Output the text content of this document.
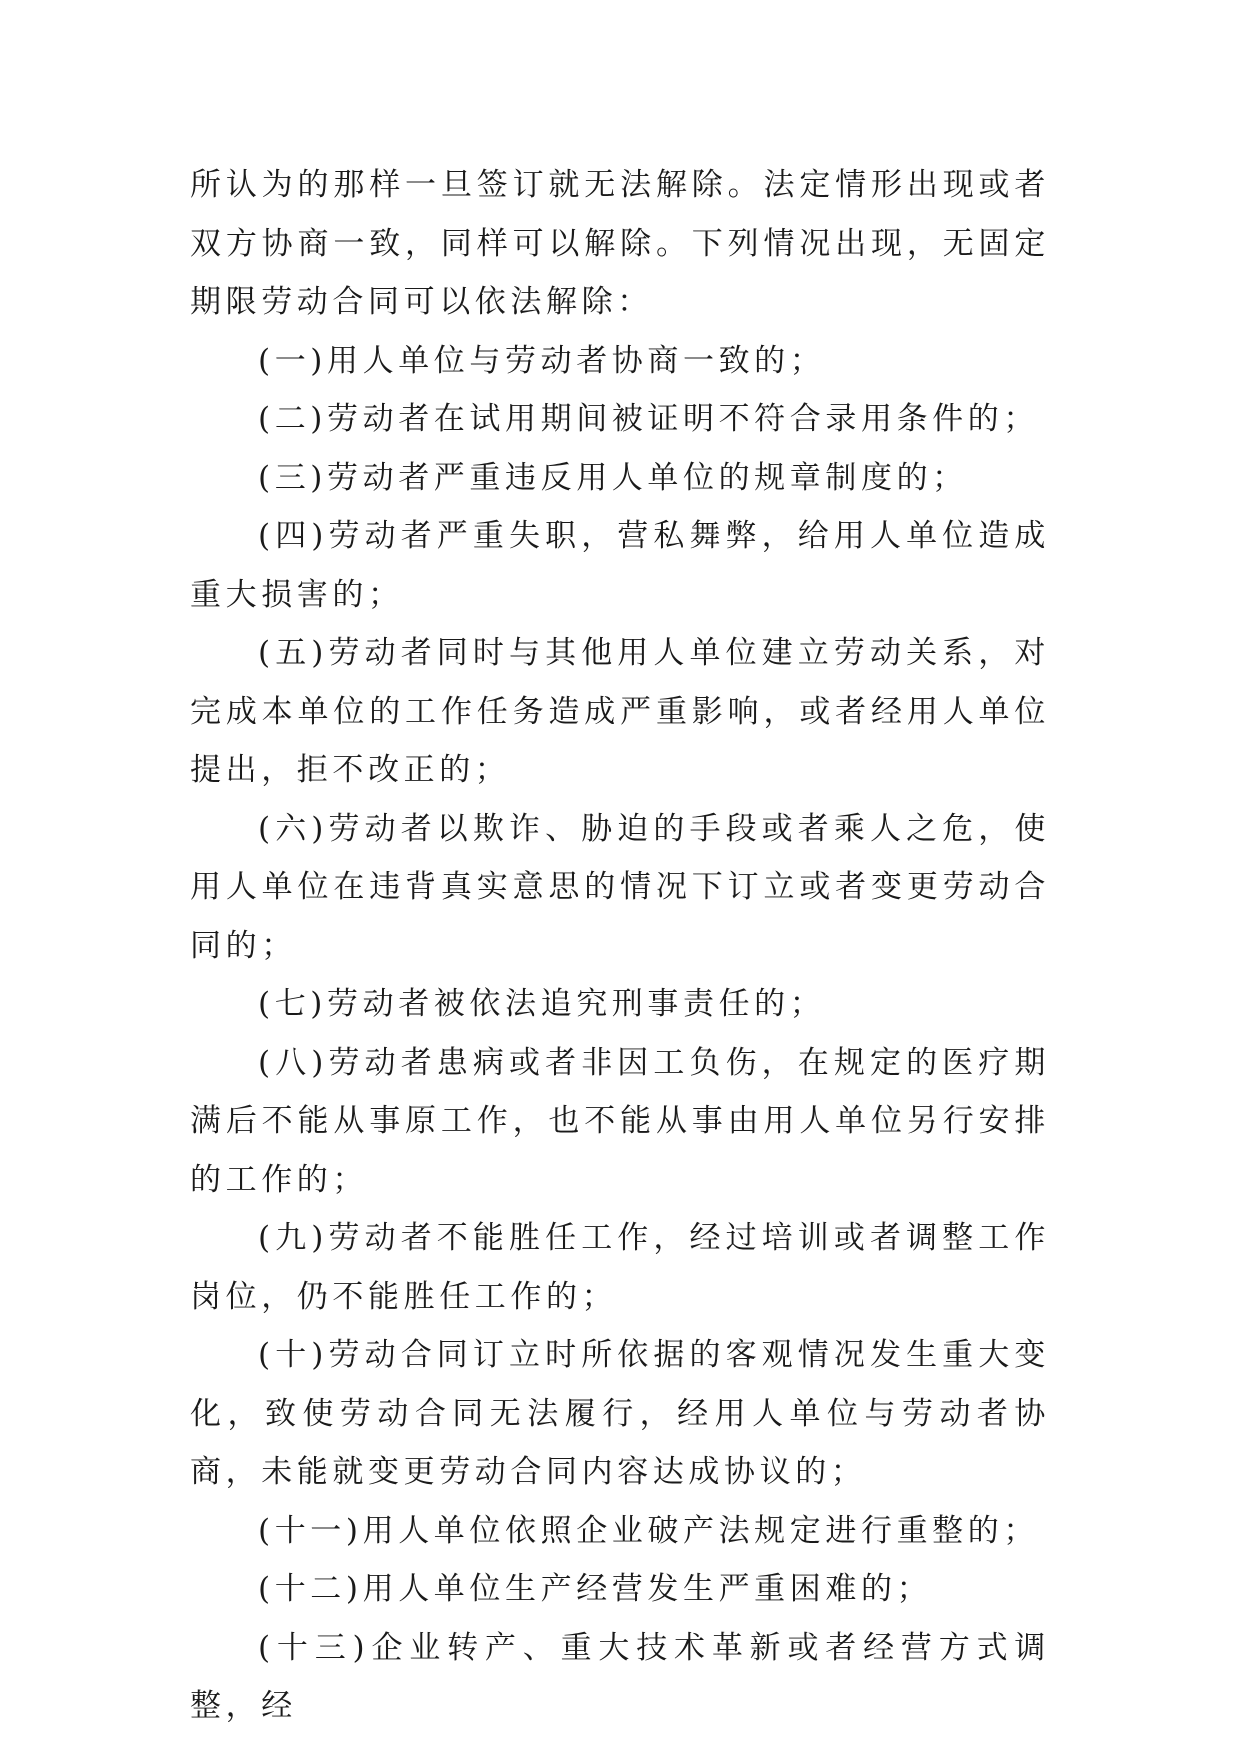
所认为的那样一旦签订就无法解除。法定情形出现或者双方协商一致，同样可以解除。下列情况出现，无固定期限劳动合同可以依法解除：

(一)用人单位与劳动者协商一致的；

(二)劳动者在试用期间被证明不符合录用条件的；

(三)劳动者严重违反用人单位的规章制度的；

(四)劳动者严重失职，营私舞弊，给用人单位造成重大损害的；

(五)劳动者同时与其他用人单位建立劳动关系，对完成本单位的工作任务造成严重影响，或者经用人单位提出，拒不改正的；

(六)劳动者以欺诈、胁迫的手段或者乘人之危，使用人单位在违背真实意思的情况下订立或者变更劳动合同的；

(七)劳动者被依法追究刑事责任的；

(八)劳动者患病或者非因工负伤，在规定的医疗期满后不能从事原工作，也不能从事由用人单位另行安排的工作的；

(九)劳动者不能胜任工作，经过培训或者调整工作岗位，仍不能胜任工作的；

(十)劳动合同订立时所依据的客观情况发生重大变化，致使劳动合同无法履行，经用人单位与劳动者协商，未能就变更劳动合同内容达成协议的；

(十一)用人单位依照企业破产法规定进行重整的；

(十二)用人单位生产经营发生严重困难的；

(十三)企业转产、重大技术革新或者经营方式调整，经
